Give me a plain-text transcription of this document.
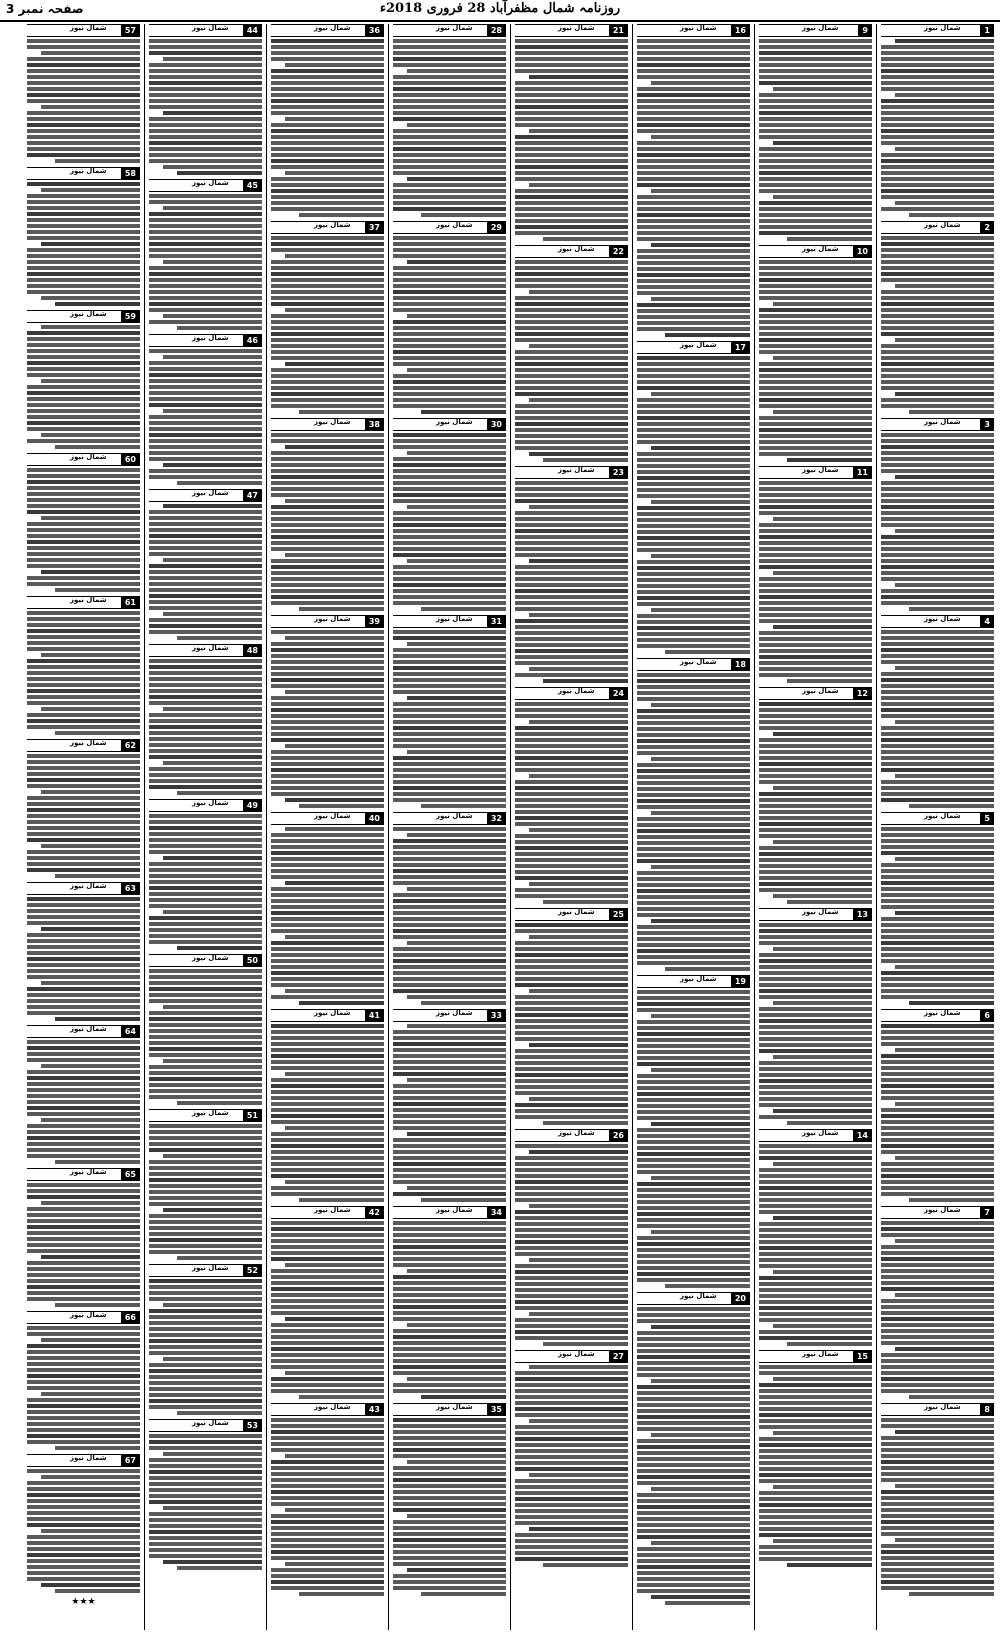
صفحہ نمبر 3	روزنامہ شمال مظفرآباد 28 فروری 2018ء
شمال نیوز	1
شمال نیوز	2
شمال نیوز	3
شمال نیوز	4
شمال نیوز	5
شمال نیوز	6
شمال نیوز	7
شمال نیوز	8
شمال نیوز	9
شمال نیوز	10
شمال نیوز	11
شمال نیوز	12
شمال نیوز	13
شمال نیوز	14
شمال نیوز	15
شمال نیوز	16
شمال نیوز	17
شمال نیوز	18
شمال نیوز	19
شمال نیوز	20
شمال نیوز	21
شمال نیوز	22
شمال نیوز	23
شمال نیوز	24
شمال نیوز	25
شمال نیوز	26
شمال نیوز	27
شمال نیوز	28
شمال نیوز	29
شمال نیوز	30
شمال نیوز	31
شمال نیوز	32
شمال نیوز	33
شمال نیوز	34
شمال نیوز	35
شمال نیوز	36
شمال نیوز	37
شمال نیوز	38
شمال نیوز	39
شمال نیوز	40
شمال نیوز	41
شمال نیوز	42
شمال نیوز	43
شمال نیوز	44
شمال نیوز	45
شمال نیوز	46
شمال نیوز	47
شمال نیوز	48
شمال نیوز	49
شمال نیوز	50
شمال نیوز	51
شمال نیوز	52
شمال نیوز	53
شمال نیوز	57
شمال نیوز	58
شمال نیوز	59
شمال نیوز	60
شمال نیوز	61
شمال نیوز	62
شمال نیوز	63
شمال نیوز	64
شمال نیوز	65
شمال نیوز	66
شمال نیوز	67
★★★
